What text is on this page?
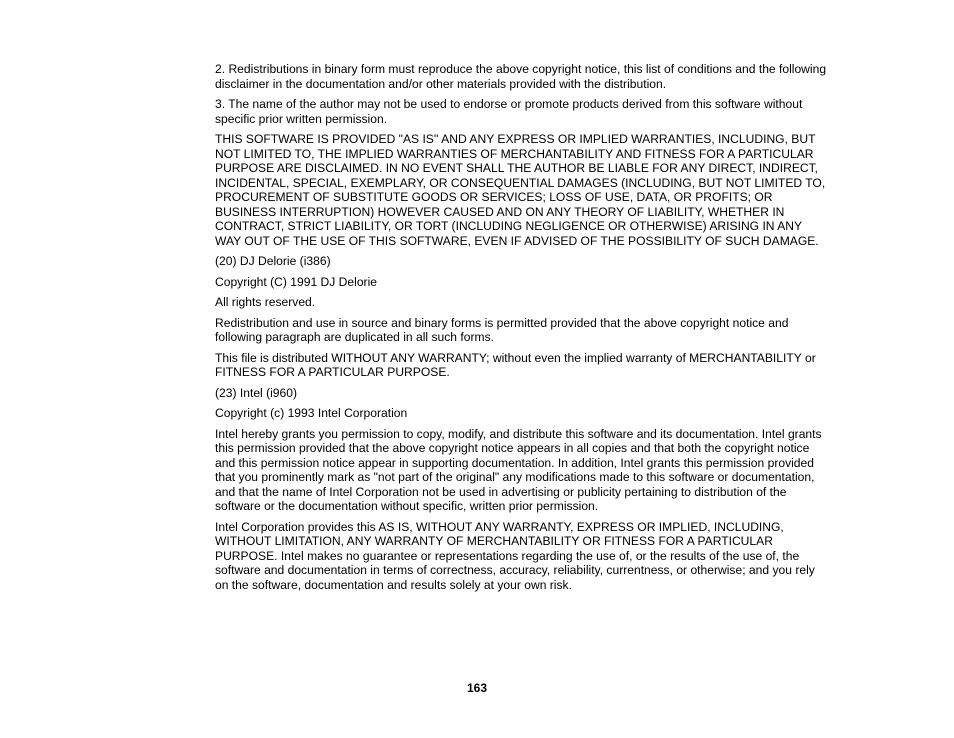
2. Redistributions in binary form must reproduce the above copyright notice, this list of conditions and the following disclaimer in the documentation and/or other materials provided with the distribution.

3. The name of the author may not be used to endorse or promote products derived from this software without specific prior written permission.

THIS SOFTWARE IS PROVIDED "AS IS'' AND ANY EXPRESS OR IMPLIED WARRANTIES, INCLUDING, BUT NOT LIMITED TO, THE IMPLIED WARRANTIES OF MERCHANTABILITY AND FITNESS FOR A PARTICULAR PURPOSE ARE DISCLAIMED. IN NO EVENT SHALL THE AUTHOR BE LIABLE FOR ANY DIRECT, INDIRECT, INCIDENTAL, SPECIAL, EXEMPLARY, OR CONSEQUENTIAL DAMAGES (INCLUDING, BUT NOT LIMITED TO, PROCUREMENT OF SUBSTITUTE GOODS OR SERVICES; LOSS OF USE, DATA, OR PROFITS; OR BUSINESS INTERRUPTION) HOWEVER CAUSED AND ON ANY THEORY OF LIABILITY, WHETHER IN CONTRACT, STRICT LIABILITY, OR TORT (INCLUDING NEGLIGENCE OR OTHERWISE) ARISING IN ANY WAY OUT OF THE USE OF THIS SOFTWARE, EVEN IF ADVISED OF THE POSSIBILITY OF SUCH DAMAGE.

(20) DJ Delorie (i386)

Copyright (C) 1991 DJ Delorie

All rights reserved.

Redistribution and use in source and binary forms is permitted provided that the above copyright notice and following paragraph are duplicated in all such forms.

This file is distributed WITHOUT ANY WARRANTY; without even the implied warranty of MERCHANTABILITY or FITNESS FOR A PARTICULAR PURPOSE.

(23) Intel (i960)

Copyright (c) 1993 Intel Corporation

Intel hereby grants you permission to copy, modify, and distribute this software and its documentation. Intel grants this permission provided that the above copyright notice appears in all copies and that both the copyright notice and this permission notice appear in supporting documentation. In addition, Intel grants this permission provided that you prominently mark as "not part of the original" any modifications made to this software or documentation, and that the name of Intel Corporation not be used in advertising or publicity pertaining to distribution of the software or the documentation without specific, written prior permission.

Intel Corporation provides this AS IS, WITHOUT ANY WARRANTY, EXPRESS OR IMPLIED, INCLUDING, WITHOUT LIMITATION, ANY WARRANTY OF MERCHANTABILITY OR FITNESS FOR A PARTICULAR PURPOSE. Intel makes no guarantee or representations regarding the use of, or the results of the use of, the software and documentation in terms of correctness, accuracy, reliability, currentness, or otherwise; and you rely on the software, documentation and results solely at your own risk.

163
